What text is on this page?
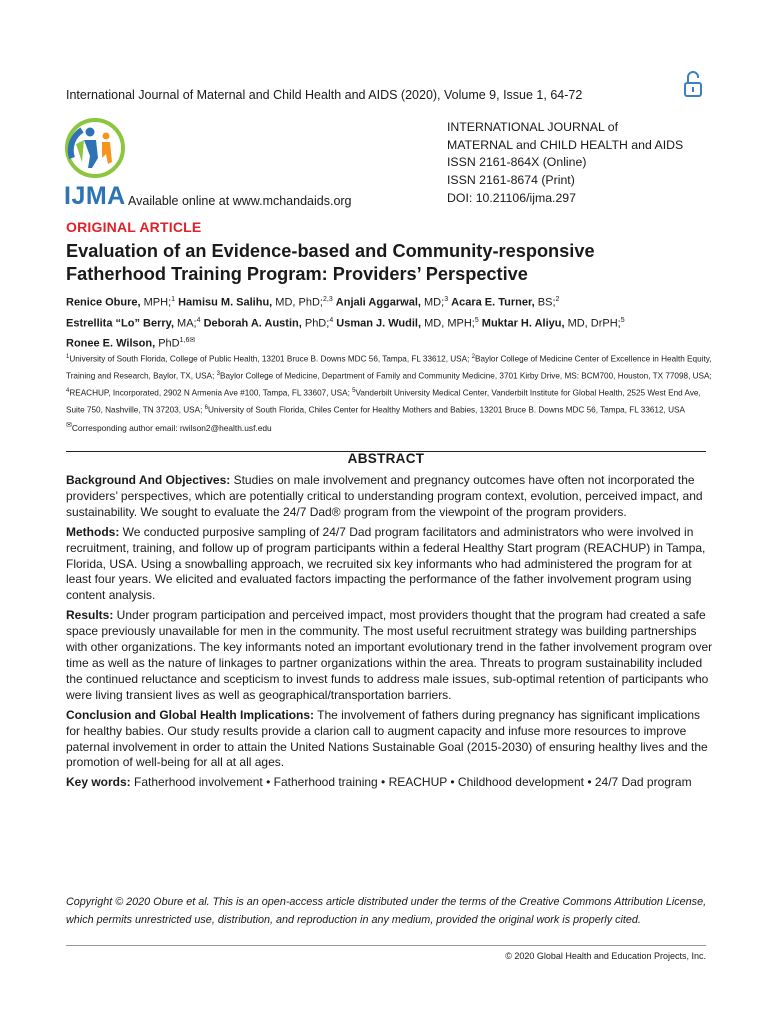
International Journal of Maternal and Child Health and AIDS (2020), Volume 9, Issue 1, 64-72
IJMA Available online at www.mchandaids.org
INTERNATIONAL JOURNAL of
MATERNAL and CHILD HEALTH and AIDS
ISSN 2161-864X (Online)
ISSN 2161-8674 (Print)
DOI: 10.21106/ijma.297
ORIGINAL ARTICLE
Evaluation of an Evidence-based and Community-responsive
Fatherhood Training Program: Providers’ Perspective
Renice Obure, MPH;$^1$ Hamisu M. Salihu, MD, PhD;$^{2,3}$ Anjali Aggarwal, MD;$^3$ Acara E. Turner, BS;$^2$
Estrellita “Lo” Berry, MA;$^4$ Deborah A. Austin, PhD;$^4$ Usman J. Wudil, MD, MPH;$^5$ Muktar H. Aliyu, MD, DrPH;$^5$
Ronee E. Wilson, PhD$^{1,6✉}$
$^1$University of South Florida, College of Public Health, 13201 Bruce B. Downs MDC 56, Tampa, FL 33612, USA; $^2$Baylor College of Medicine Center of Excellence in Health Equity, Training and Research, Baylor, TX, USA; $^3$Baylor College of Medicine, Department of Family and Community Medicine, 3701 Kirby Drive, MS: BCM700, Houston, TX 77098, USA; $^4$REACHUP, Incorporated, 2902 N Armenia Ave #100, Tampa, FL 33607, USA; $^5$Vanderbilt University Medical Center, Vanderbilt Institute for Global Health, 2525 West End Ave, Suite 750, Nashville, TN 37203, USA; $^6$University of South Florida, Chiles Center for Healthy Mothers and Babies, 13201 Bruce B. Downs MDC 56, Tampa, FL 33612, USA
✉Corresponding author email: rwilson2@health.usf.edu
ABSTRACT

Background And Objectives: Studies on male involvement and pregnancy outcomes have often not incorporated the providers’ perspectives, which are potentially critical to understanding program context, evolution, perceived impact, and sustainability. We sought to evaluate the 24/7 Dad® program from the viewpoint of the program providers.

Methods: We conducted purposive sampling of 24/7 Dad program facilitators and administrators who were involved in recruitment, training, and follow up of program participants within a federal Healthy Start program (REACHUP) in Tampa, Florida, USA. Using a snowballing approach, we recruited six key informants who had administered the program for at least four years. We elicited and evaluated factors impacting the performance of the father involvement program using content analysis.

Results: Under program participation and perceived impact, most providers thought that the program had created a safe space previously unavailable for men in the community. The most useful recruitment strategy was building partnerships with other organizations. The key informants noted an important evolutionary trend in the father involvement program over time as well as the nature of linkages to partner organizations within the area. Threats to program sustainability included the continued reluctance and scepticism to invest funds to address male issues, sub-optimal retention of participants who were living transient lives as well as geographical/transportation barriers.

Conclusion and Global Health Implications: The involvement of fathers during pregnancy has significant implications for healthy babies. Our study results provide a clarion call to augment capacity and infuse more resources to improve paternal involvement in order to attain the United Nations Sustainable Goal (2015-2030) of ensuring healthy lives and the promotion of well-being for all at all ages.

Key words: Fatherhood involvement • Fatherhood training • REACHUP • Childhood development • 24/7 Dad program

Copyright © 2020 Obure et al. This is an open-access article distributed under the terms of the Creative Commons Attribution License, which permits unrestricted use, distribution, and reproduction in any medium, provided the original work is properly cited.
© 2020 Global Health and Education Projects, Inc.
